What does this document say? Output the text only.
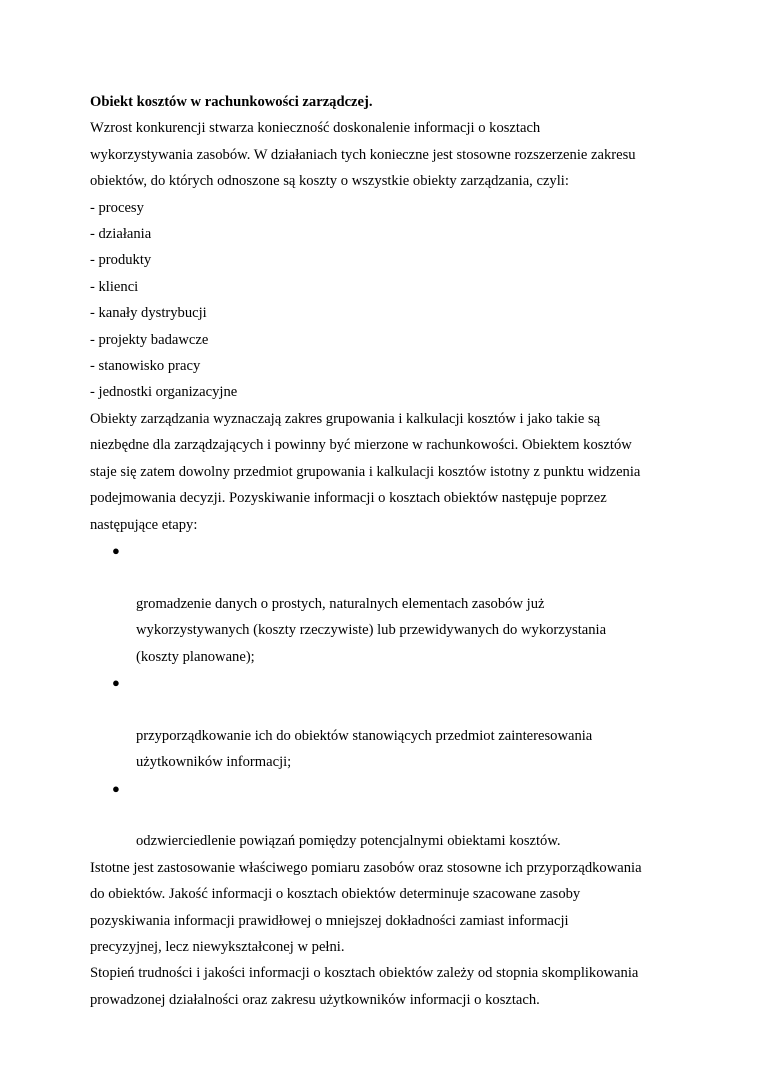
Obiekt kosztów w rachunkowości zarządczej.

Wzrost konkurencji stwarza konieczność doskonalenie informacji o kosztach
wykorzystywania zasobów. W działaniach tych konieczne jest stosowne rozszerzenie zakresu
obiektów, do których odnoszone są koszty o wszystkie obiekty zarządzania, czyli:

- procesy
- działania
- produkty
- klienci
- kanały dystrybucji
- projekty badawcze
- stanowisko pracy
- jednostki organizacyjne

Obiekty zarządzania wyznaczają zakres grupowania i kalkulacji kosztów i jako takie są
niezbędne dla zarządzających i powinny być mierzone w rachunkowości. Obiektem kosztów
staje się zatem dowolny przedmiot grupowania i kalkulacji kosztów istotny z punktu widzenia
podejmowania decyzji. Pozyskiwanie informacji o kosztach obiektów następuje poprzez
następujące etapy:

●

gromadzenie danych o prostych, naturalnych elementach zasobów już
wykorzystywanych (koszty rzeczywiste) lub przewidywanych do wykorzystania
(koszty planowane);

●

przyporządkowanie ich do obiektów stanowiących przedmiot zainteresowania
użytkowników informacji;

●

odzwierciedlenie powiązań pomiędzy potencjalnymi obiektami kosztów.

Istotne jest zastosowanie właściwego pomiaru zasobów oraz stosowne ich przyporządkowania
do obiektów. Jakość informacji o kosztach obiektów determinuje szacowane zasoby
pozyskiwania informacji prawidłowej o mniejszej dokładności zamiast informacji
precyzyjnej, lecz niewykształconej w pełni.

Stopień trudności i jakości informacji o kosztach obiektów zależy od stopnia skomplikowania
prowadzonej działalności oraz zakresu użytkowników informacji o kosztach.
